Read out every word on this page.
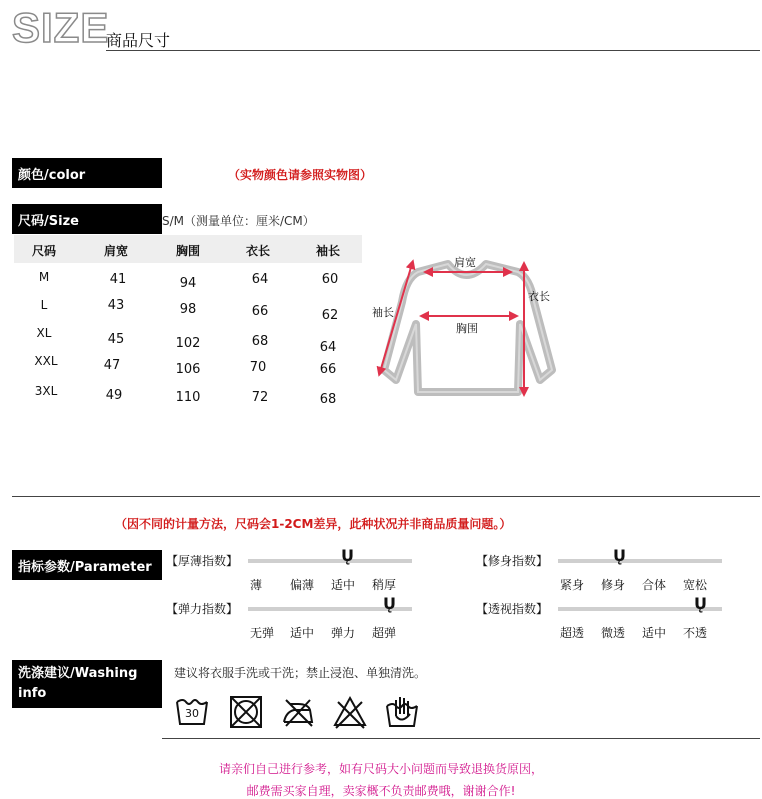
SIZE
商品尺寸
颜色/color	（实物颜色请参照实物图）
尺码/Size	S/M（测量单位：厘米/CM）
尺码	肩宽	胸围	衣长	袖长
M	41	94	64	60
L	43	98	66	62
XL	45	102	68	64
XXL	47	106	70	66
3XL	49	110	72	68
肩宽
衣长
袖长
胸围
（因不同的计量方法，尺码会1-2CM差异，此种状况并非商品质量问题。）
指标参数/Parameter	【厚薄指数】	Ų
薄 偏薄 适中 稍厚
【修身指数】	Ų
紧身 修身 合体 宽松
【弹力指数】	Ų
无弹 适中 弹力 超弹
【透视指数】	Ų
超透 微透 适中 不透
洗涤建议/Washing info
建议将衣服手洗或干洗；禁止浸泡、单独清洗。
30
请亲们自己进行参考，如有尺码大小问题而导致退换货原因，
邮费需买家自理，卖家概不负责邮费哦，谢谢合作!
